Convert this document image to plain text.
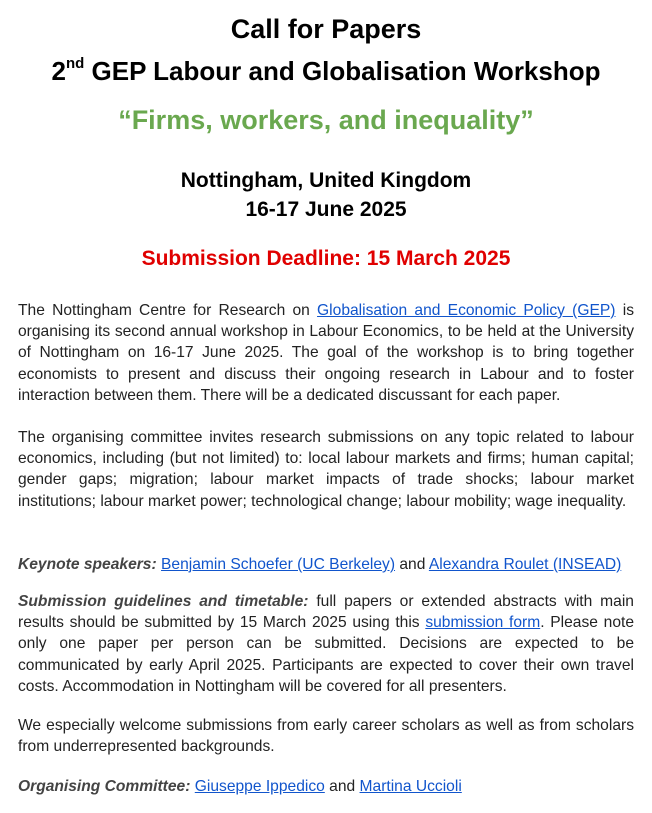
Call for Papers
2nd GEP Labour and Globalisation Workshop
“Firms, workers, and inequality”
Nottingham, United Kingdom
16-17 June 2025
Submission Deadline: 15 March 2025
The Nottingham Centre for Research on Globalisation and Economic Policy (GEP) is organising its second annual workshop in Labour Economics, to be held at the University of Nottingham on 16-17 June 2025. The goal of the workshop is to bring together economists to present and discuss their ongoing research in Labour and to foster interaction between them. There will be a dedicated discussant for each paper.
The organising committee invites research submissions on any topic related to labour economics, including (but not limited) to: local labour markets and firms; human capital; gender gaps; migration; labour market impacts of trade shocks; labour market institutions; labour market power; technological change; labour mobility; wage inequality.
Keynote speakers: Benjamin Schoefer (UC Berkeley) and Alexandra Roulet (INSEAD)
Submission guidelines and timetable: full papers or extended abstracts with main results should be submitted by 15 March 2025 using this submission form. Please note only one paper per person can be submitted. Decisions are expected to be communicated by early April 2025. Participants are expected to cover their own travel costs. Accommodation in Nottingham will be covered for all presenters.
We especially welcome submissions from early career scholars as well as from scholars from underrepresented backgrounds.
Organising Committee: Giuseppe Ippedico and Martina Uccioli
